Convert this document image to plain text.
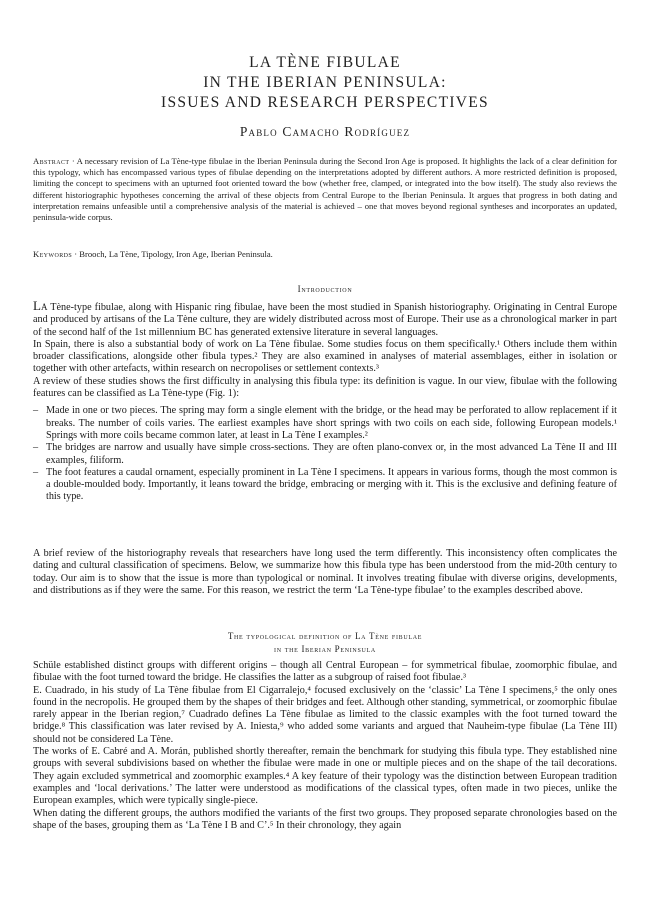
LA TÈNE FIBULAE
IN THE IBERIAN PENINSULA:
ISSUES AND RESEARCH PERSPECTIVES
Pablo Camacho Rodríguez
Abstract · A necessary revision of La Tène-type fibulae in the Iberian Peninsula during the Second Iron Age is proposed. It highlights the lack of a clear definition for this typology, which has encompassed various types of fibulae depending on the interpretations adopted by different authors. A more restricted definition is proposed, limiting the concept to specimens with an upturned foot oriented toward the bow (whether free, clamped, or integrated into the bow itself). The study also reviews the different historiographic hypotheses concerning the arrival of these objects from Central Europe to the Iberian Peninsula. It argues that progress in both dating and interpretation remains unfeasible until a comprehensive analysis of the material is achieved – one that moves beyond regional syntheses and incorporates an updated, peninsula-wide corpus.
Keywords · Brooch, La Tène, Tipology, Iron Age, Iberian Peninsula.
Introduction

La Tène-type fibulae, along with Hispanic ring fibulae, have been the most studied in Spanish historiography. Originating in Central Europe and produced by artisans of the La Tène culture, they are widely distributed across most of Europe. Their use as a chronological marker in part of the second half of the 1st millennium BC has generated extensive literature in several languages.

In Spain, there is also a substantial body of work on La Tène fibulae. Some studies focus on them specifically.¹ Others include them within broader classifications, alongside other fibula types.² They are also examined in analyses of material assemblages, either in isolation or together with other artefacts, within research on necropolises or settlement contexts.³

A review of these studies shows the first difficulty in analysing this fibula type: its definition is vague. In our view, fibulae with the following features can be classified as La Tène-type (Fig. 1):

– Made in one or two pieces. The spring may form a single element with the bridge, or the head may be perforated to allow replacement if it breaks. The number of coils varies. The earliest examples have short springs with two coils on each side, following European models.¹ Springs with more coils became common later, at least in La Tène I examples.²
– The bridges are narrow and usually have simple cross-sections. They are often plano-convex or, in the most advanced La Tène II and III examples, filiform.
– The foot features a caudal ornament, especially prominent in La Tène I specimens. It appears in various forms, though the most common is a double-moulded body. Importantly, it leans toward the bridge, embracing or merging with it. This is the exclusive and defining feature of this type.

A brief review of the historiography reveals that researchers have long used the term differently. This inconsistency often complicates the dating and cultural classification of specimens. Below, we summarize how this fibula type has been understood from the mid-20th century to today. Our aim is to show that the issue is more than typological or nominal. It involves treating fibulae with diverse origins, developments, and distributions as if they were the same. For this reason, we restrict the term ‘La Tène-type fibulae’ to the examples described above.

The typological definition of La Tène fibulae
in the Iberian Peninsula

Schüle established distinct groups with different origins – though all Central European – for symmetrical fibulae, zoomorphic fibulae, and fibulae with the foot turned toward the bridge. He classifies the latter as a subgroup of raised foot fibulae.³

E. Cuadrado, in his study of La Tène fibulae from El Cigarralejo,⁴ focused exclusively on the ‘classic’ La Tène I specimens,⁵ the only ones found in the necropolis. He grouped them by the shapes of their bridges and feet. Although other standing, symmetrical, or zoomorphic fibulae rarely appear in the Iberian region,⁷ Cuadrado defines La Tène fibulae as limited to the classic examples with the foot turned toward the bridge.⁸ This classification was later revised by A. Iniesta,⁹ who added some variants and argued that Nauheim-type fibulae (La Tène III) should not be considered La Tène.

The works of E. Cabré and A. Morán, published shortly thereafter, remain the benchmark for studying this fibula type. They established nine groups with several subdivisions based on whether the fibulae were made in one or multiple pieces and on the shape of the tail decorations. They again excluded symmetrical and zoomorphic examples.⁴ A key feature of their typology was the distinction between European tradition examples and ‘local derivations.’ The latter were understood as modifications of the classical types, often made in two pieces, unlike the European examples, which were typically single-piece.

When dating the different groups, the authors modified the variants of the first two groups. They proposed separate chronologies based on the shape of the bases, grouping them as ‘La Tène I B and C’.⁵ In their chronology, they again
